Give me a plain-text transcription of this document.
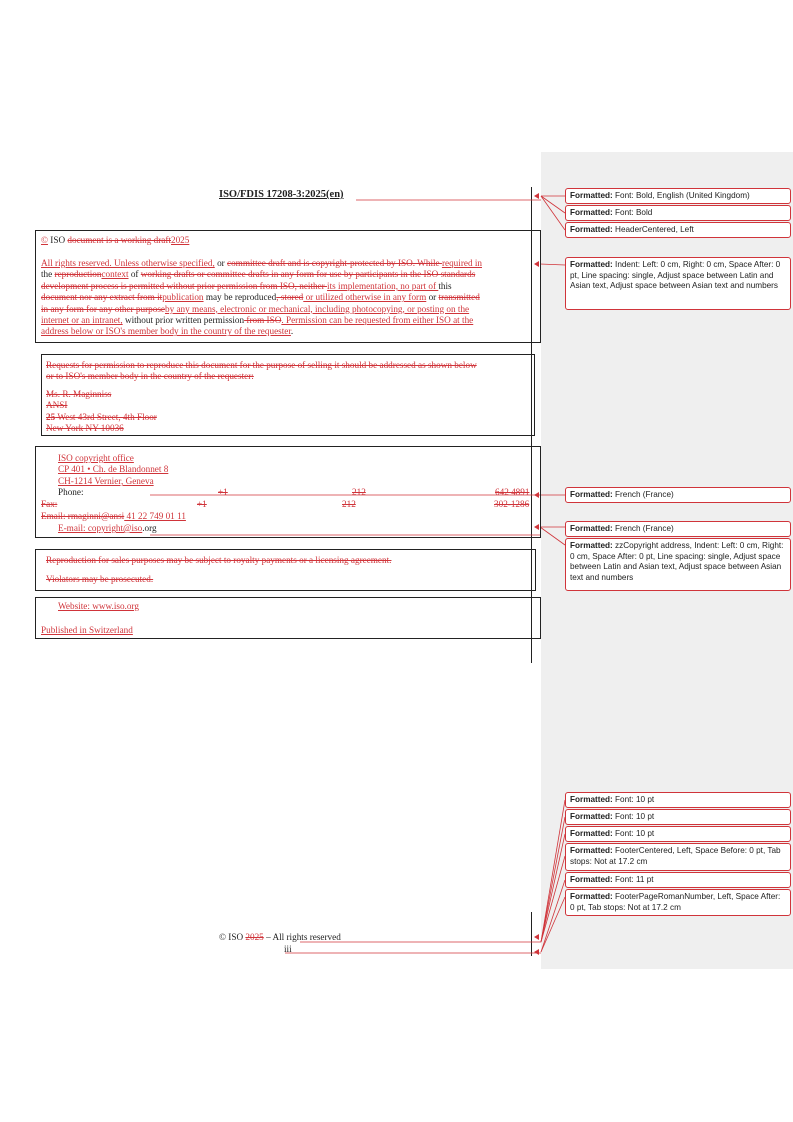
ISO/FDIS 17208-3:2025(en)
© ISO document is a working draft2025
All rights reserved. Unless otherwise specified, or committee draft and is copyright-protected by ISO. While required in
the reproductioncontext of working drafts or committee drafts in any form for use by participants in the ISO standards
development process is permitted without prior permission from ISO, neither its implementation, no part of this
document nor any extract from itpublication may be reproduced, stored or utilized otherwise in any form or transmitted
in any form for any other purposeby any means, electronic or mechanical, including photocopying, or posting on the
internet or an intranet, without prior written permission from ISO. Permission can be requested from either ISO at the
address below or ISO's member body in the country of the requester.
Requests for permission to reproduce this document for the purpose of selling it should be addressed as shown below
or to ISO's member body in the country of the requester:
Ms. R. Maginniss
ANSI
25 West 43rd Street, 4th Floor
New York NY 10036
ISO copyright office
CP 401 • Ch. de Blandonnet 8
CH-1214 Vernier, Geneva
Phone:	+1	212	642 4891
Fax:	+1	212	302-1286
Email: rmaginni@ansi 41 22 749 01 11
E-mail: copyright@iso.org
Reproduction for sales purposes may be subject to royalty payments or a licensing agreement.
Violators may be prosecuted.
Website: www.iso.org
Published in Switzerland
© ISO 2025 – All rights reserved
iii
Formatted: Font: Bold, English (United Kingdom)
Formatted: Font: Bold
Formatted: HeaderCentered, Left
Formatted: Indent: Left: 0 cm, Right: 0 cm, Space After: 0 pt, Line spacing: single, Adjust space between Latin and Asian text, Adjust space between Asian text and numbers
Formatted: French (France)
Formatted: French (France)
Formatted: zzCopyright address, Indent: Left: 0 cm, Right: 0 cm, Space After: 0 pt, Line spacing: single, Adjust space between Latin and Asian text, Adjust space between Asian text and numbers
Formatted: Font: 10 pt
Formatted: Font: 10 pt
Formatted: Font: 10 pt
Formatted: FooterCentered, Left, Space Before: 0 pt, Tab stops: Not at 17.2 cm
Formatted: Font: 11 pt
Formatted: FooterPageRomanNumber, Left, Space After: 0 pt, Tab stops: Not at 17.2 cm
